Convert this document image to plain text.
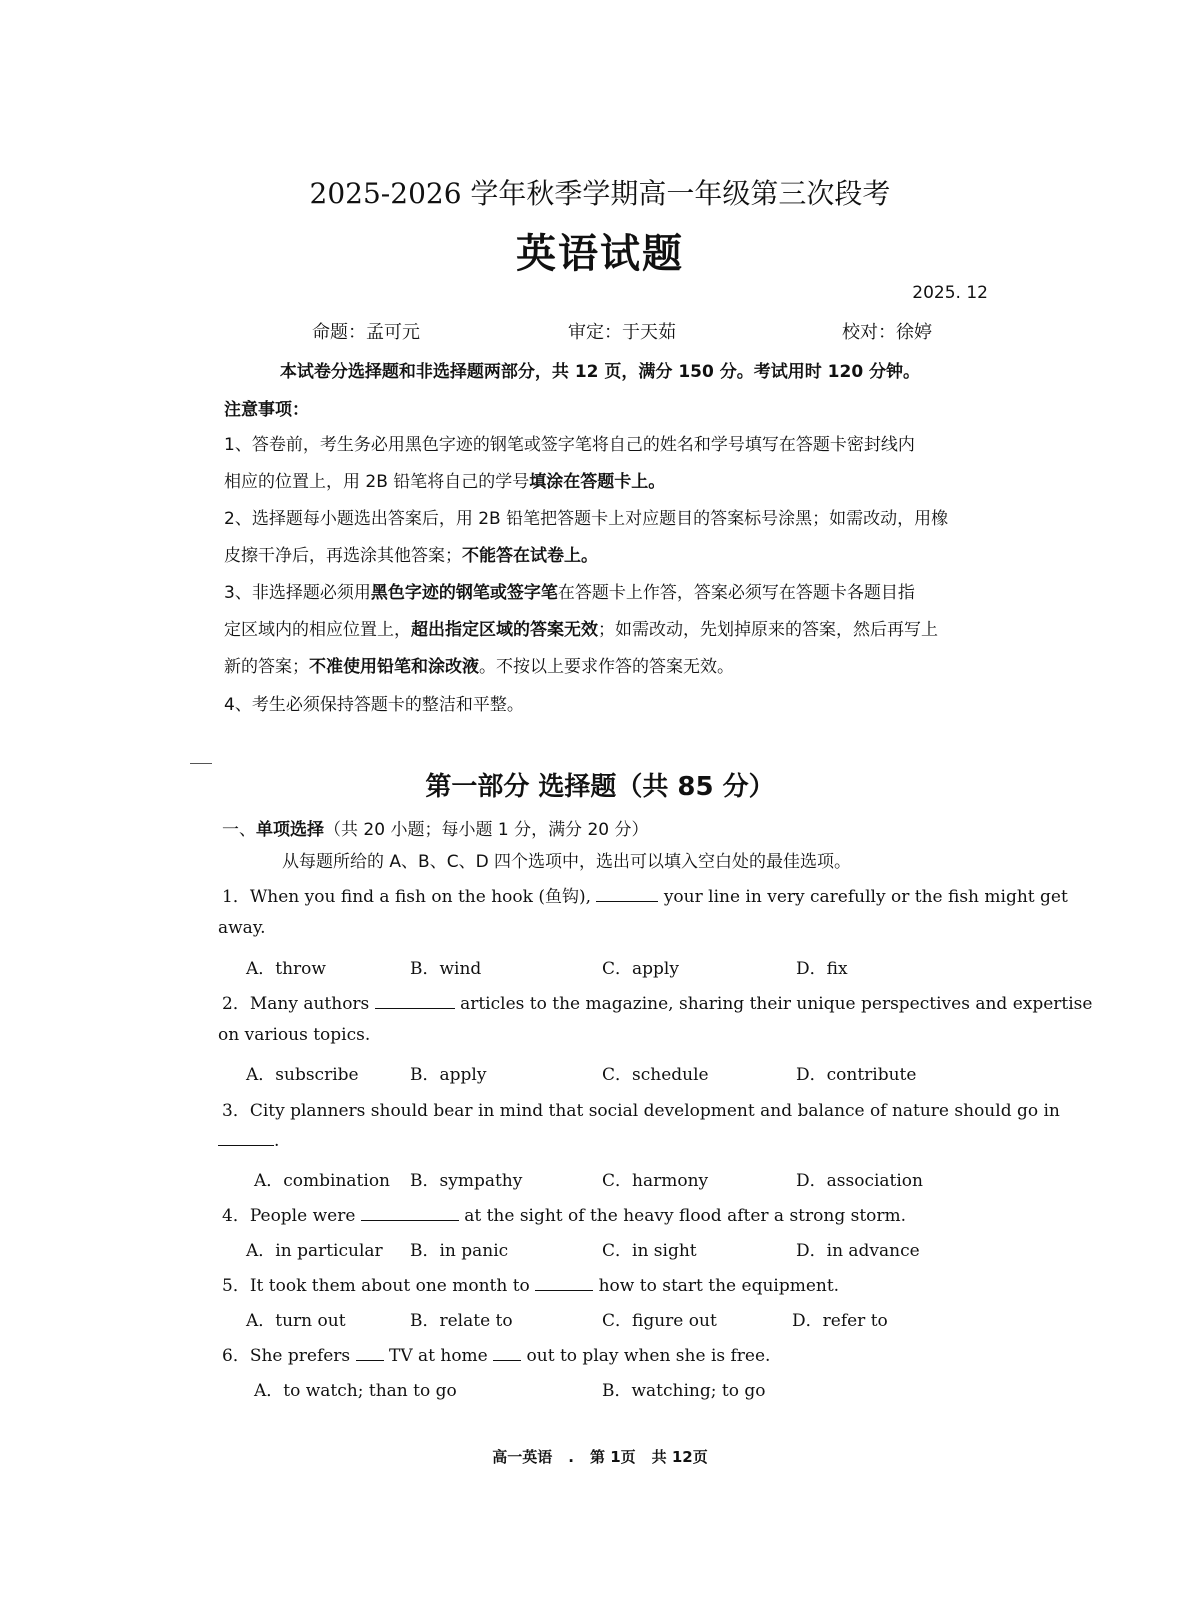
2025-2026 学年秋季学期高一年级第三次段考
英语试题
2025. 12
命题：孟可元	审定：于天茹	校对：徐婷
本试卷分选择题和非选择题两部分，共 12 页，满分 150 分。考试用时 120 分钟。
注意事项：
1、答卷前，考生务必用黑色字迹的钢笔或签字笔将自己的姓名和学号填写在答题卡密封线内
相应的位置上，用 2B 铅笔将自己的学号填涂在答题卡上。
2、选择题每小题选出答案后，用 2B 铅笔把答题卡上对应题目的答案标号涂黑；如需改动，用橡
皮擦干净后，再选涂其他答案；不能答在试卷上。
3、非选择题必须用黑色字迹的钢笔或签字笔在答题卡上作答，答案必须写在答题卡各题目指
定区域内的相应位置上，超出指定区域的答案无效；如需改动，先划掉原来的答案，然后再写上
新的答案；不准使用铅笔和涂改液。不按以上要求作答的答案无效。
4、考生必须保持答题卡的整洁和平整。
第一部分 选择题（共 85 分）
一、单项选择（共 20 小题；每小题 1 分，满分 20 分）
从每题所给的 A、B、C、D 四个选项中，选出可以填入空白处的最佳选项。
1．When you find a fish on the hook (鱼钩),	your line in very carefully or the fish might get
away.
A．throw	B．wind	C．apply	D．fix
2．Many authors	articles to the magazine, sharing their unique perspectives and expertise
on various topics.
A．subscribe	B．apply	C．schedule	D．contribute
3．City planners should bear in mind that social development and balance of nature should go in
.
A．combination B．sympathy	C．harmony	D．association
4．People were	at the sight of the heavy flood after a strong storm.
A．in particular B．in panic	C．in sight	D．in advance
5．It took them about one month to	how to start the equipment.
A．turn out	B．relate to	C．figure out	D．refer to
6．She prefers  TV at home  out to play when she is free.
A．to watch; than to go	B．watching; to go
高一英语 . 第 1页 共 12页
